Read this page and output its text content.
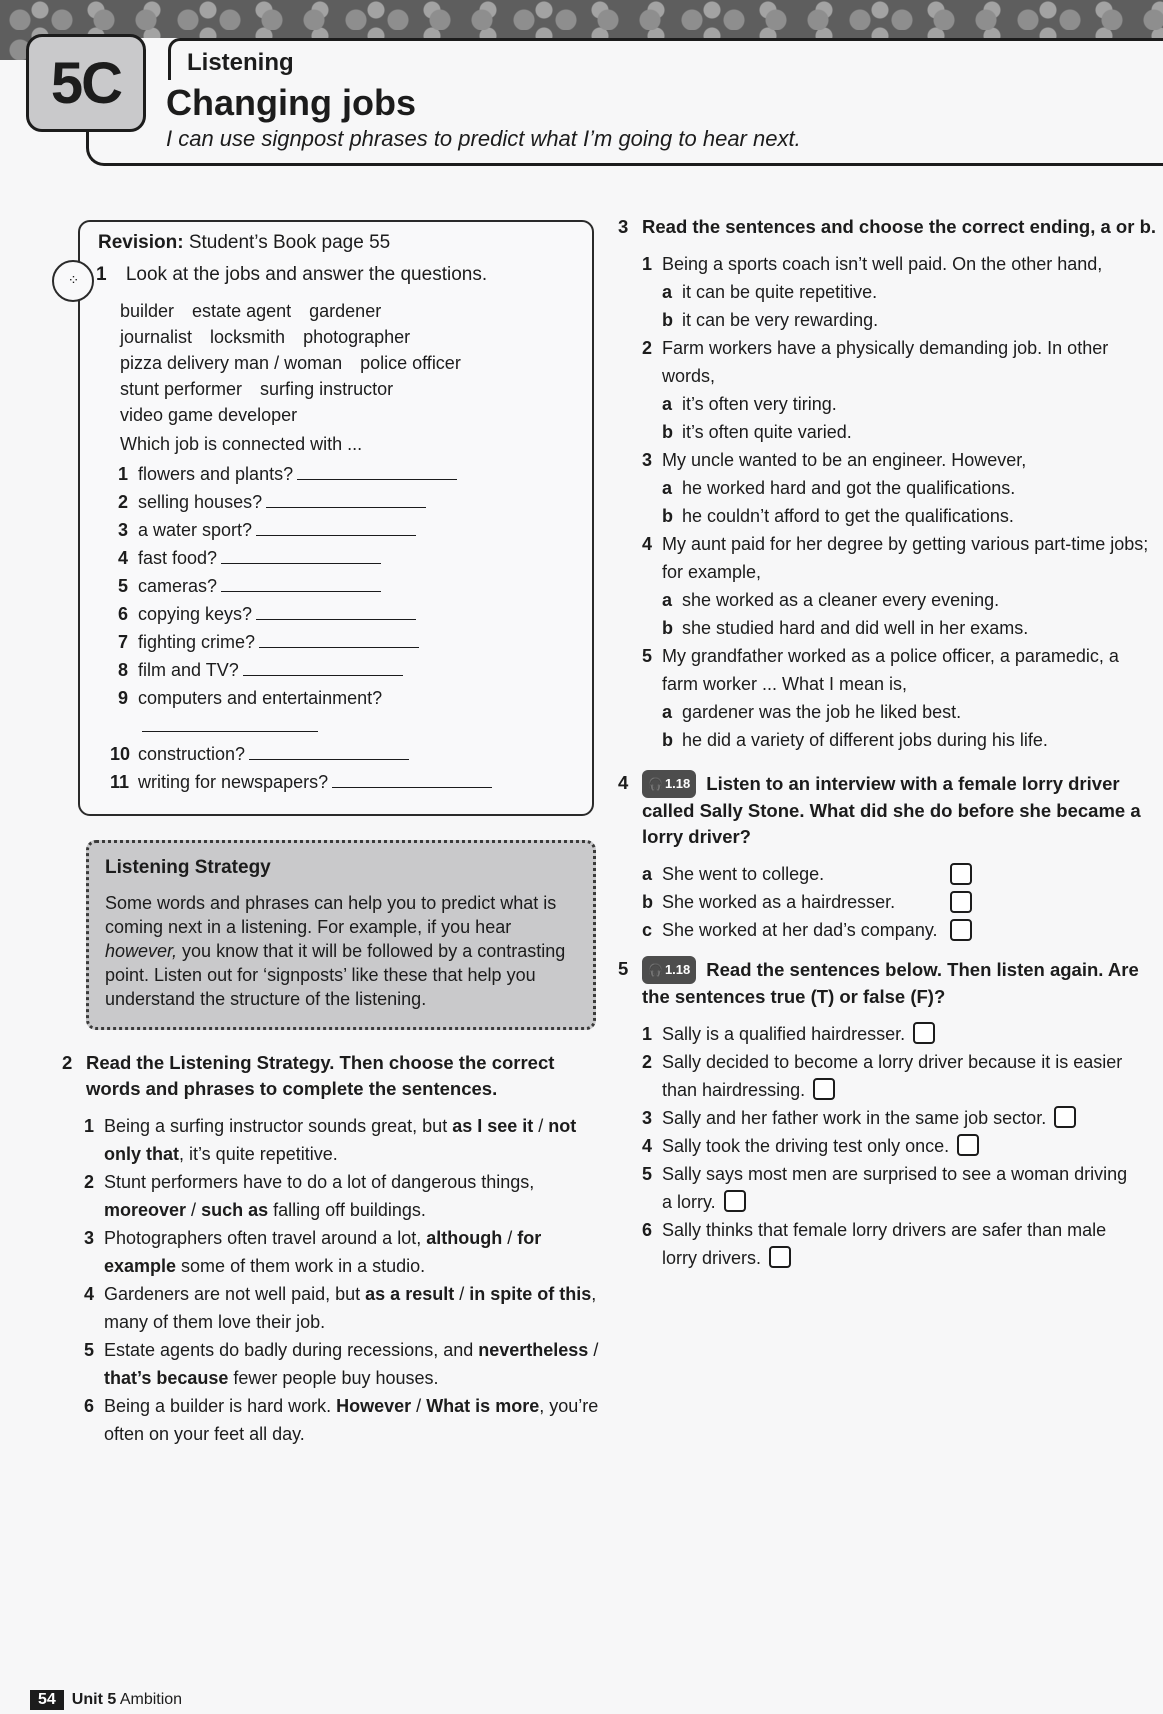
5C	Listening
Changing jobs
I can use signpost phrases to predict what I’m going to hear next.
Revision: Student’s Book page 55
⁘ 1 Look at the jobs and answer the questions.
builder estate agent gardener
journalist locksmith photographer
pizza delivery man / woman police officer
stunt performer surfing instructor
video game developer
Which job is connected with ...
1 flowers and plants?
2 selling houses?
3 a water sport?
4 fast food?
5 cameras?
6 copying keys?
7 fighting crime?
8 film and TV?
9 computers and entertainment?
10 construction?
11 writing for newspapers?
Listening Strategy
Some words and phrases can help you to predict what is coming next in a listening. For example, if you hear however, you know that it will be followed by a contrasting point. Listen out for ‘signposts’ like these that help you understand the structure of the listening.
2 Read the Listening Strategy. Then choose the correct words and phrases to complete the sentences.
1 Being a surfing instructor sounds great, but as I see it / not only that, it’s quite repetitive.
2 Stunt performers have to do a lot of dangerous things, moreover / such as falling off buildings.
3 Photographers often travel around a lot, although / for example some of them work in a studio.
4 Gardeners are not well paid, but as a result / in spite of this, many of them love their job.
5 Estate agents do badly during recessions, and nevertheless / that’s because fewer people buy houses.
6 Being a builder is hard work. However / What is more, you’re often on your feet all day.
3 Read the sentences and choose the correct ending, a or b.
1 Being a sports coach isn’t well paid. On the other hand,
a it can be quite repetitive.
b it can be very rewarding.
2 Farm workers have a physically demanding job. In other words,
a it’s often very tiring.
b it’s often quite varied.
3 My uncle wanted to be an engineer. However,
a he worked hard and got the qualifications.
b he couldn’t afford to get the qualifications.
4 My aunt paid for her degree by getting various part-time jobs; for example,
a she worked as a cleaner every evening.
b she studied hard and did well in her exams.
5 My grandfather worked as a police officer, a paramedic, a farm worker ... What I mean is,
a gardener was the job he liked best.
b he did a variety of different jobs during his life.
4	🎧 1.18 Listen to an interview with a female lorry driver called Sally Stone. What did she do before she became a lorry driver?
a She went to college.
b She worked as a hairdresser.
c She worked at her dad’s company.
5	🎧 1.18 Read the sentences below. Then listen again. Are the sentences true (T) or false (F)?
1 Sally is a qualified hairdresser.
2 Sally decided to become a lorry driver because it is easier than hairdressing.
3 Sally and her father work in the same job sector.
4 Sally took the driving test only once.
5 Sally says most men are surprised to see a woman driving a lorry.
6 Sally thinks that female lorry drivers are safer than male lorry drivers.
54	Unit 5 Ambition
